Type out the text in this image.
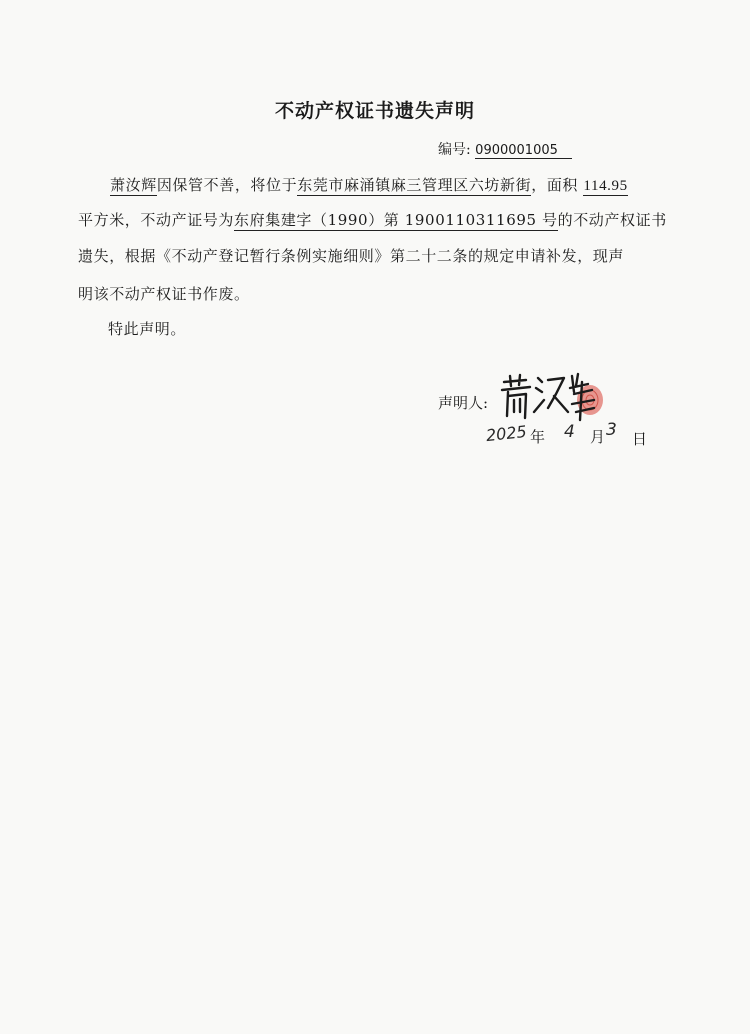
不动产权证书遗失声明
编号: 0900001005
萧汝辉因保管不善，将位于东莞市麻涌镇麻三管理区六坊新街，面积 114.95
平方米，不动产证号为东府集建字（1990）第 1900110311695 号的不动产权证书
遗失，根据《不动产登记暂行条例实施细则》第二十二条的规定申请补发，现声
明该不动产权证书作废。
特此声明。
声明人:
2025 年 4 月 3 日
